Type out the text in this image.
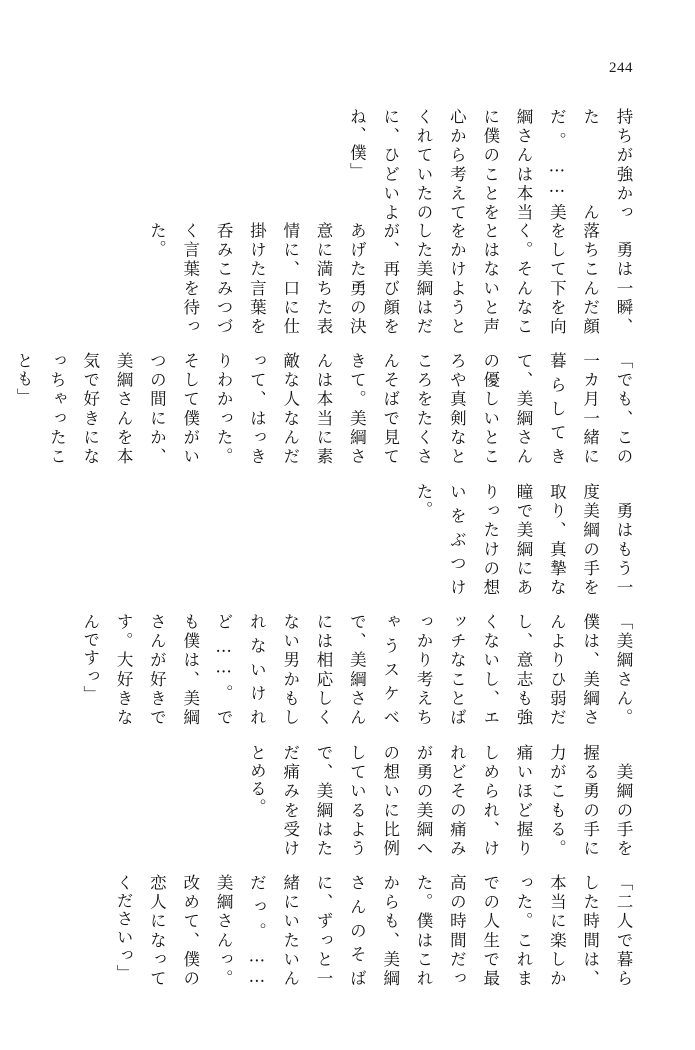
244
持ちが強かったんだ。……美綱さんは本当に僕のことを心から考えてくれていたのに、ひどいよね、僕」
　勇は一瞬、落ちこんだ顔をして下を向く。そんなことはないと声をかけようとした美綱はだが、再び顔をあげた勇の決意に満ちた表情に、口に仕掛けた言葉を呑みこみつづく言葉を待った。
「でも、この一カ月一緒に暮らしてきて、美綱さんの優しいところや真剣なところをたくさんそばで見てきて。美綱さんは本当に素敵な人なんだって、はっきりわかった。そして僕がいつの間にか、美綱さんを本気で好きになっちゃったことも」
　勇はもう一度美綱の手を取り、真摯な瞳で美綱にありったけの想いをぶつけた。
「美綱さん。僕は、美綱さんよりひ弱だし、意志も強くないし、エッチなことばっかり考えちゃうスケベで、美綱さんには相応しくない男かもしれないけれど……。でも僕は、美綱さんが好きです。大好きなんですっ」
　美綱の手を握る勇の手に力がこもる。痛いほど握りしめられ、けれどその痛みが勇の美綱への想いに比例しているようで、美綱はただ痛みを受けとめる。
「二人で暮らした時間は、本当に楽しかった。これまでの人生で最高の時間だった。僕はこれからも、美綱さんのそばに、ずっと一緒にいたいんだっ。……美綱さんっ。改めて、僕の恋人になってくださいっ」
